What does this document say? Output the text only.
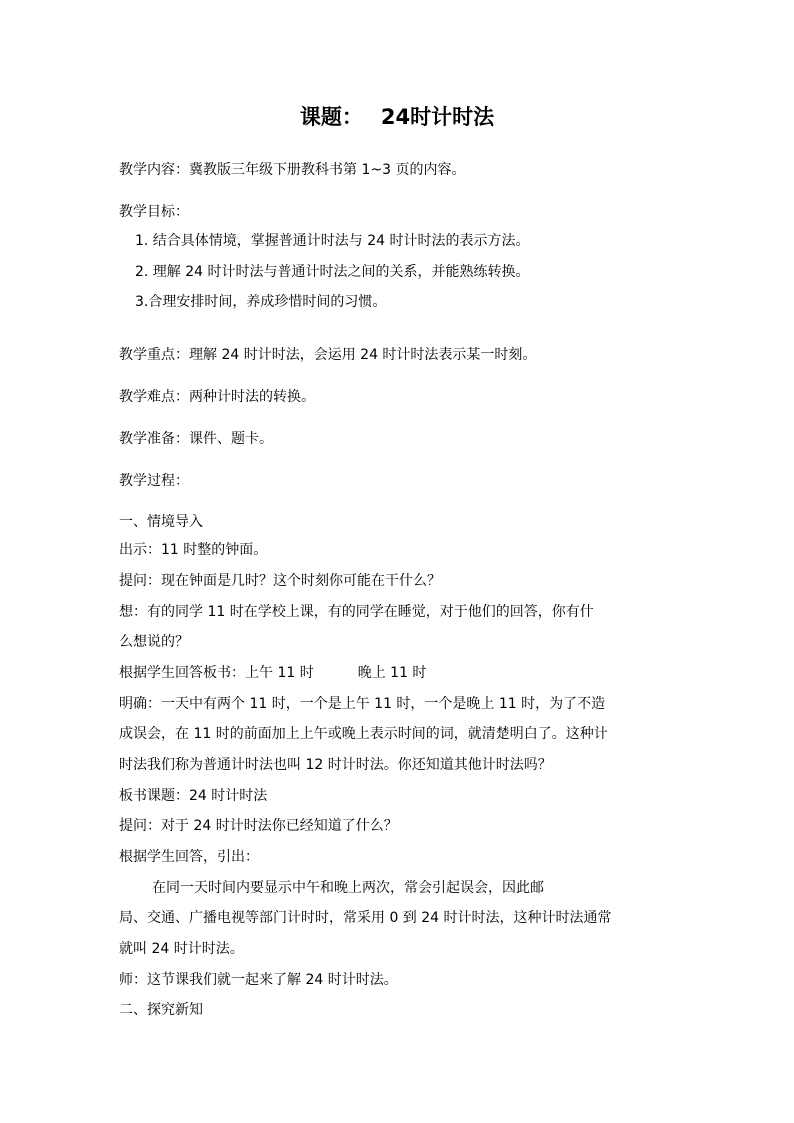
课题： 24时计时法
教学内容：冀教版三年级下册教科书第 1~3 页的内容。
教学目标：
1. 结合具体情境，掌握普通计时法与 24 时计时法的表示方法。
2. 理解 24 时计时法与普通计时法之间的关系，并能熟练转换。
3.合理安排时间，养成珍惜时间的习惯。
教学重点：理解 24 时计时法，会运用 24 时计时法表示某一时刻。
教学难点：两种计时法的转换。
教学准备：课件、题卡。
教学过程：
一、情境导入
出示：11 时整的钟面。
提问：现在钟面是几时？这个时刻你可能在干什么？
想：有的同学 11 时在学校上课，有的同学在睡觉，对于他们的回答，你有什
么想说的？
根据学生回答板书：上午 11 时	晚上 11 时
明确：一天中有两个 11 时，一个是上午 11 时，一个是晚上 11 时，为了不造
成误会，在 11 时的前面加上上午或晚上表示时间的词，就清楚明白了。这种计
时法我们称为普通计时法也叫 12 时计时法。你还知道其他计时法吗？
板书课题：24 时计时法
提问：对于 24 时计时法你已经知道了什么？
根据学生回答，引出：
在同一天时间内要显示中午和晚上两次，常会引起误会，因此邮
局、交通、广播电视等部门计时时，常采用 0 到 24 时计时法，这种计时法通常
就叫 24 时计时法。
师：这节课我们就一起来了解 24 时计时法。
二、探究新知
